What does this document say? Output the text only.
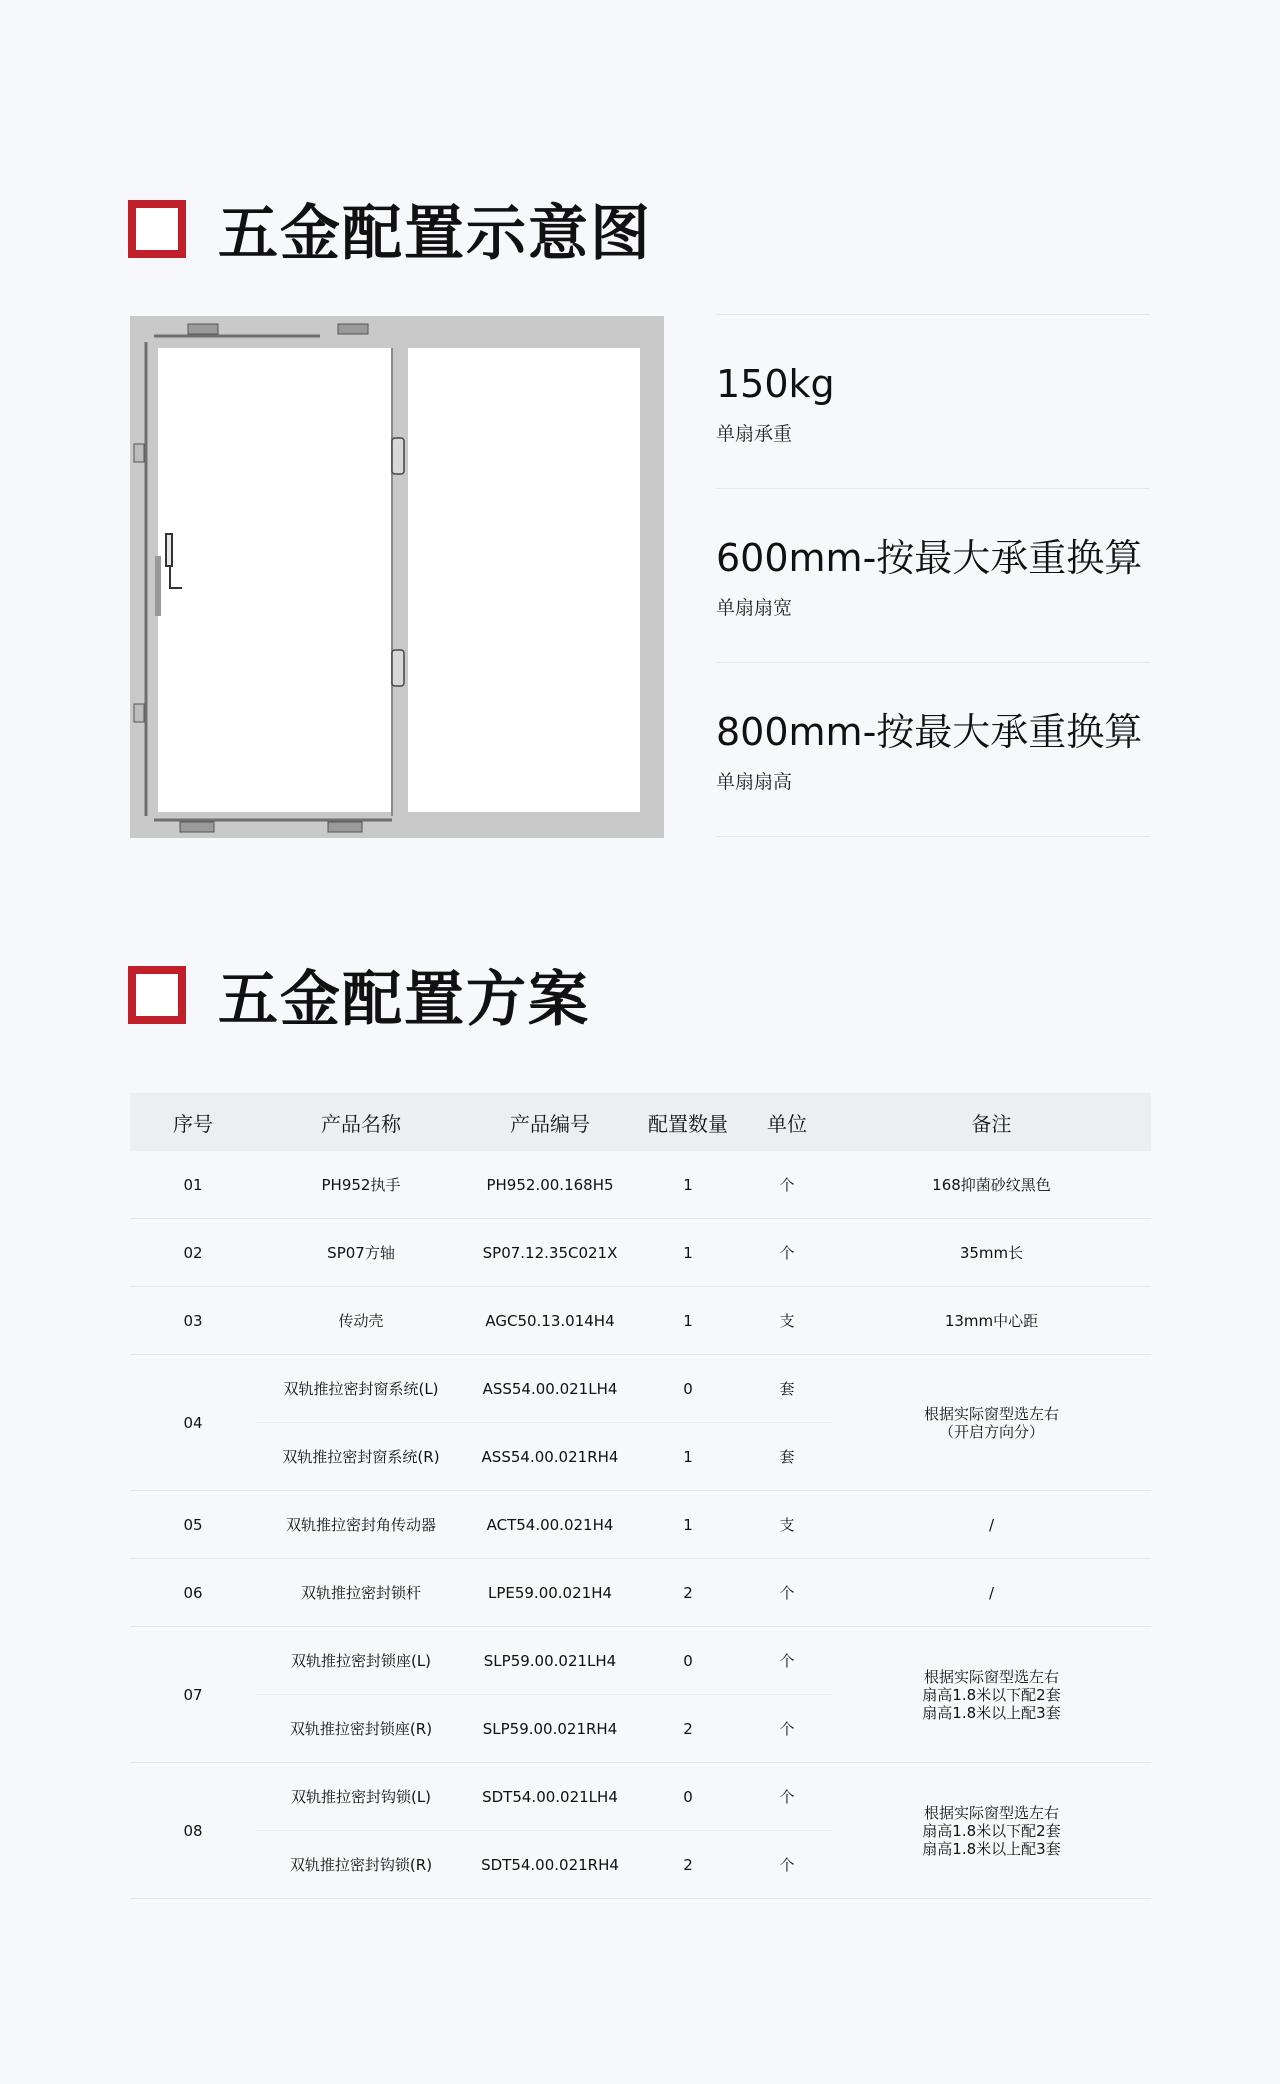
五金配置示意图
150kg
单扇承重
600mm-按最大承重换算
单扇扇宽
800mm-按最大承重换算
单扇扇高
五金配置方案
序号	产品名称	产品编号	配置数量	单位	备注
01	PH952执手	PH952.00.168H5	1	个	168抑菌砂纹黑色
02	SP07方轴	SP07.12.35C021X	1	个	35mm长
03	传动壳	AGC50.13.014H4	1	支	13mm中心距
04	双轨推拉密封窗系统(L)	ASS54.00.021LH4	0	套	根据实际窗型选左右
（开启方向分）
	双轨推拉密封窗系统(R)	ASS54.00.021RH4	1	套	
05	双轨推拉密封角传动器	ACT54.00.021H4	1	支	/
06	双轨推拉密封锁杆	LPE59.00.021H4	2	个	/
07	双轨推拉密封锁座(L)	SLP59.00.021LH4	0	个	根据实际窗型选左右
扇高1.8米以下配2套
扇高1.8米以上配3套
	双轨推拉密封锁座(R)	SLP59.00.021RH4	2	个	
08	双轨推拉密封钩锁(L)	SDT54.00.021LH4	0	个	根据实际窗型选左右
扇高1.8米以下配2套
扇高1.8米以上配3套
	双轨推拉密封钩锁(R)	SDT54.00.021RH4	2	个	
